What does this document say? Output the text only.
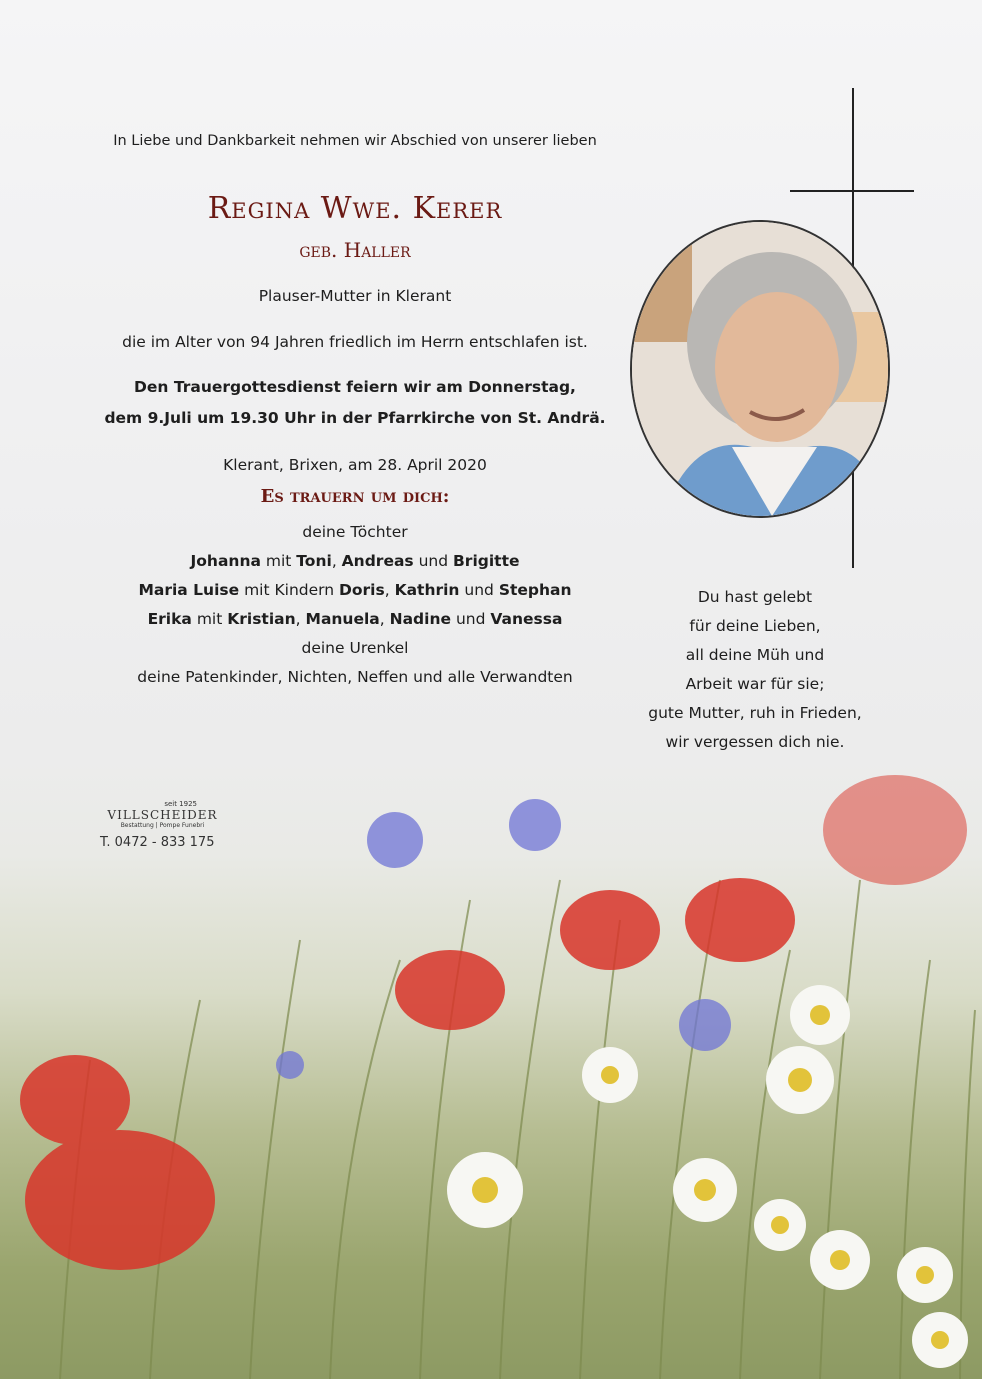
In Liebe und Dankbarkeit nehmen wir Abschied von unserer lieben
Regina Wwe. Kerer
geb. Haller
Plauser-Mutter in Klerant
die im Alter von 94 Jahren friedlich im Herrn entschlafen ist.
Den Trauergottesdienst feiern wir am Donnerstag,
dem 9.Juli um 19.30 Uhr in der Pfarrkirche von St. Andrä.
Klerant, Brixen, am 28. April 2020
Es trauern um dich:
deine Töchter
Johanna mit Toni, Andreas und Brigitte
Maria Luise mit Kindern Doris, Kathrin und Stephan
Erika mit Kristian, Manuela, Nadine und Vanessa
deine Urenkel
deine Patenkinder, Nichten, Neffen und alle Verwandten
Du hast gelebt
für deine Lieben,
all deine Müh und
Arbeit war für sie;
gute Mutter, ruh in Frieden,
wir vergessen dich nie.
seit 1925
VILLSCHEIDER
Bestattung | Pompe Funebri
T. 0472 - 833 175
